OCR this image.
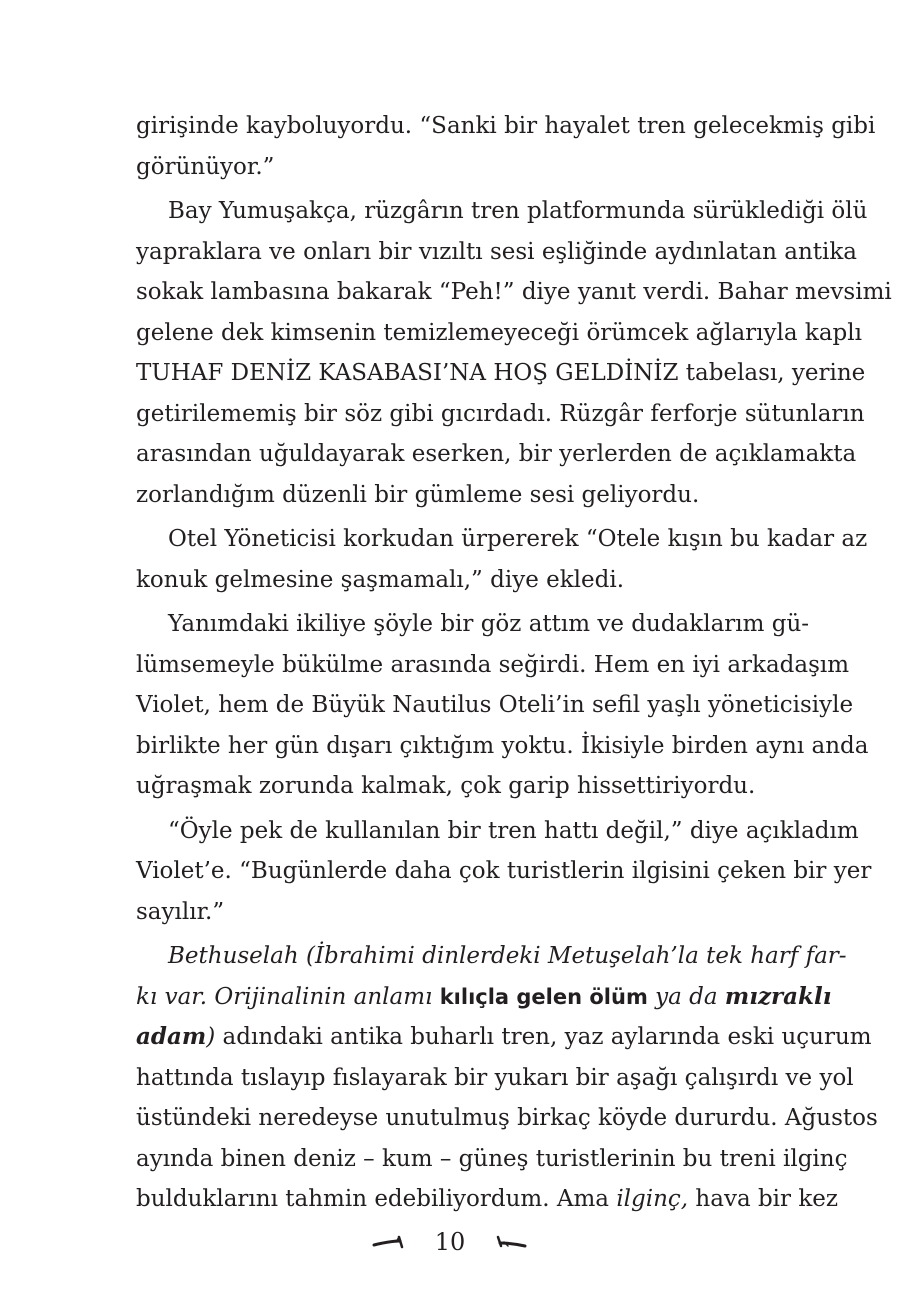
girişinde kayboluyordu. “Sanki bir hayalet tren gelecekmiş gibi
görünüyor.”

Bay Yumuşakça, rüzgârın tren platformunda sürüklediği ölü
yapraklara ve onları bir vızıltı sesi eşliğinde aydınlatan antika
sokak lambasına bakarak “Peh!” diye yanıt verdi. Bahar mevsimi
gelene dek kimsenin temizlemeyeceği örümcek ağlarıyla kaplı
TUHAF DENİZ KASABASI’NA HOŞ GELDİNİZ tabelası, yerine
getirilememiş bir söz gibi gıcırdadı. Rüzgâr ferforje sütunların
arasından uğuldayarak eserken, bir yerlerden de açıklamakta
zorlandığım düzenli bir gümleme sesi geliyordu.

Otel Yöneticisi korkudan ürpererek “Otele kışın bu kadar az
konuk gelmesine şaşmamalı,” diye ekledi.

Yanımdaki ikiliye şöyle bir göz attım ve dudaklarım gü-
lümsemeyle bükülme arasında seğirdi. Hem en iyi arkadaşım
Violet, hem de Büyük Nautilus Oteli’in sefil yaşlı yöneticisiyle
birlikte her gün dışarı çıktığım yoktu. İkisiyle birden aynı anda
uğraşmak zorunda kalmak, çok garip hissettiriyordu.

“Öyle pek de kullanılan bir tren hattı değil,” diye açıkladım
Violet’e. “Bugünlerde daha çok turistlerin ilgisini çeken bir yer
sayılır.”

Bethuselah (İbrahimi dinlerdeki Metuşelah’la tek harf far-
kı var. Orijinalinin anlamı kılıçla gelen ölüm ya da mızraklı
adam) adındaki antika buharlı tren, yaz aylarında eski uçurum
hattında tıslayıp fıslayarak bir yukarı bir aşağı çalışırdı ve yol
üstündeki neredeyse unutulmuş birkaç köyde dururdu. Ağustos
ayında binen deniz – kum – güneş turistlerinin bu treni ilginç
bulduklarını tahmin edebiliyordum. Ama ilginç, hava bir kez

10
